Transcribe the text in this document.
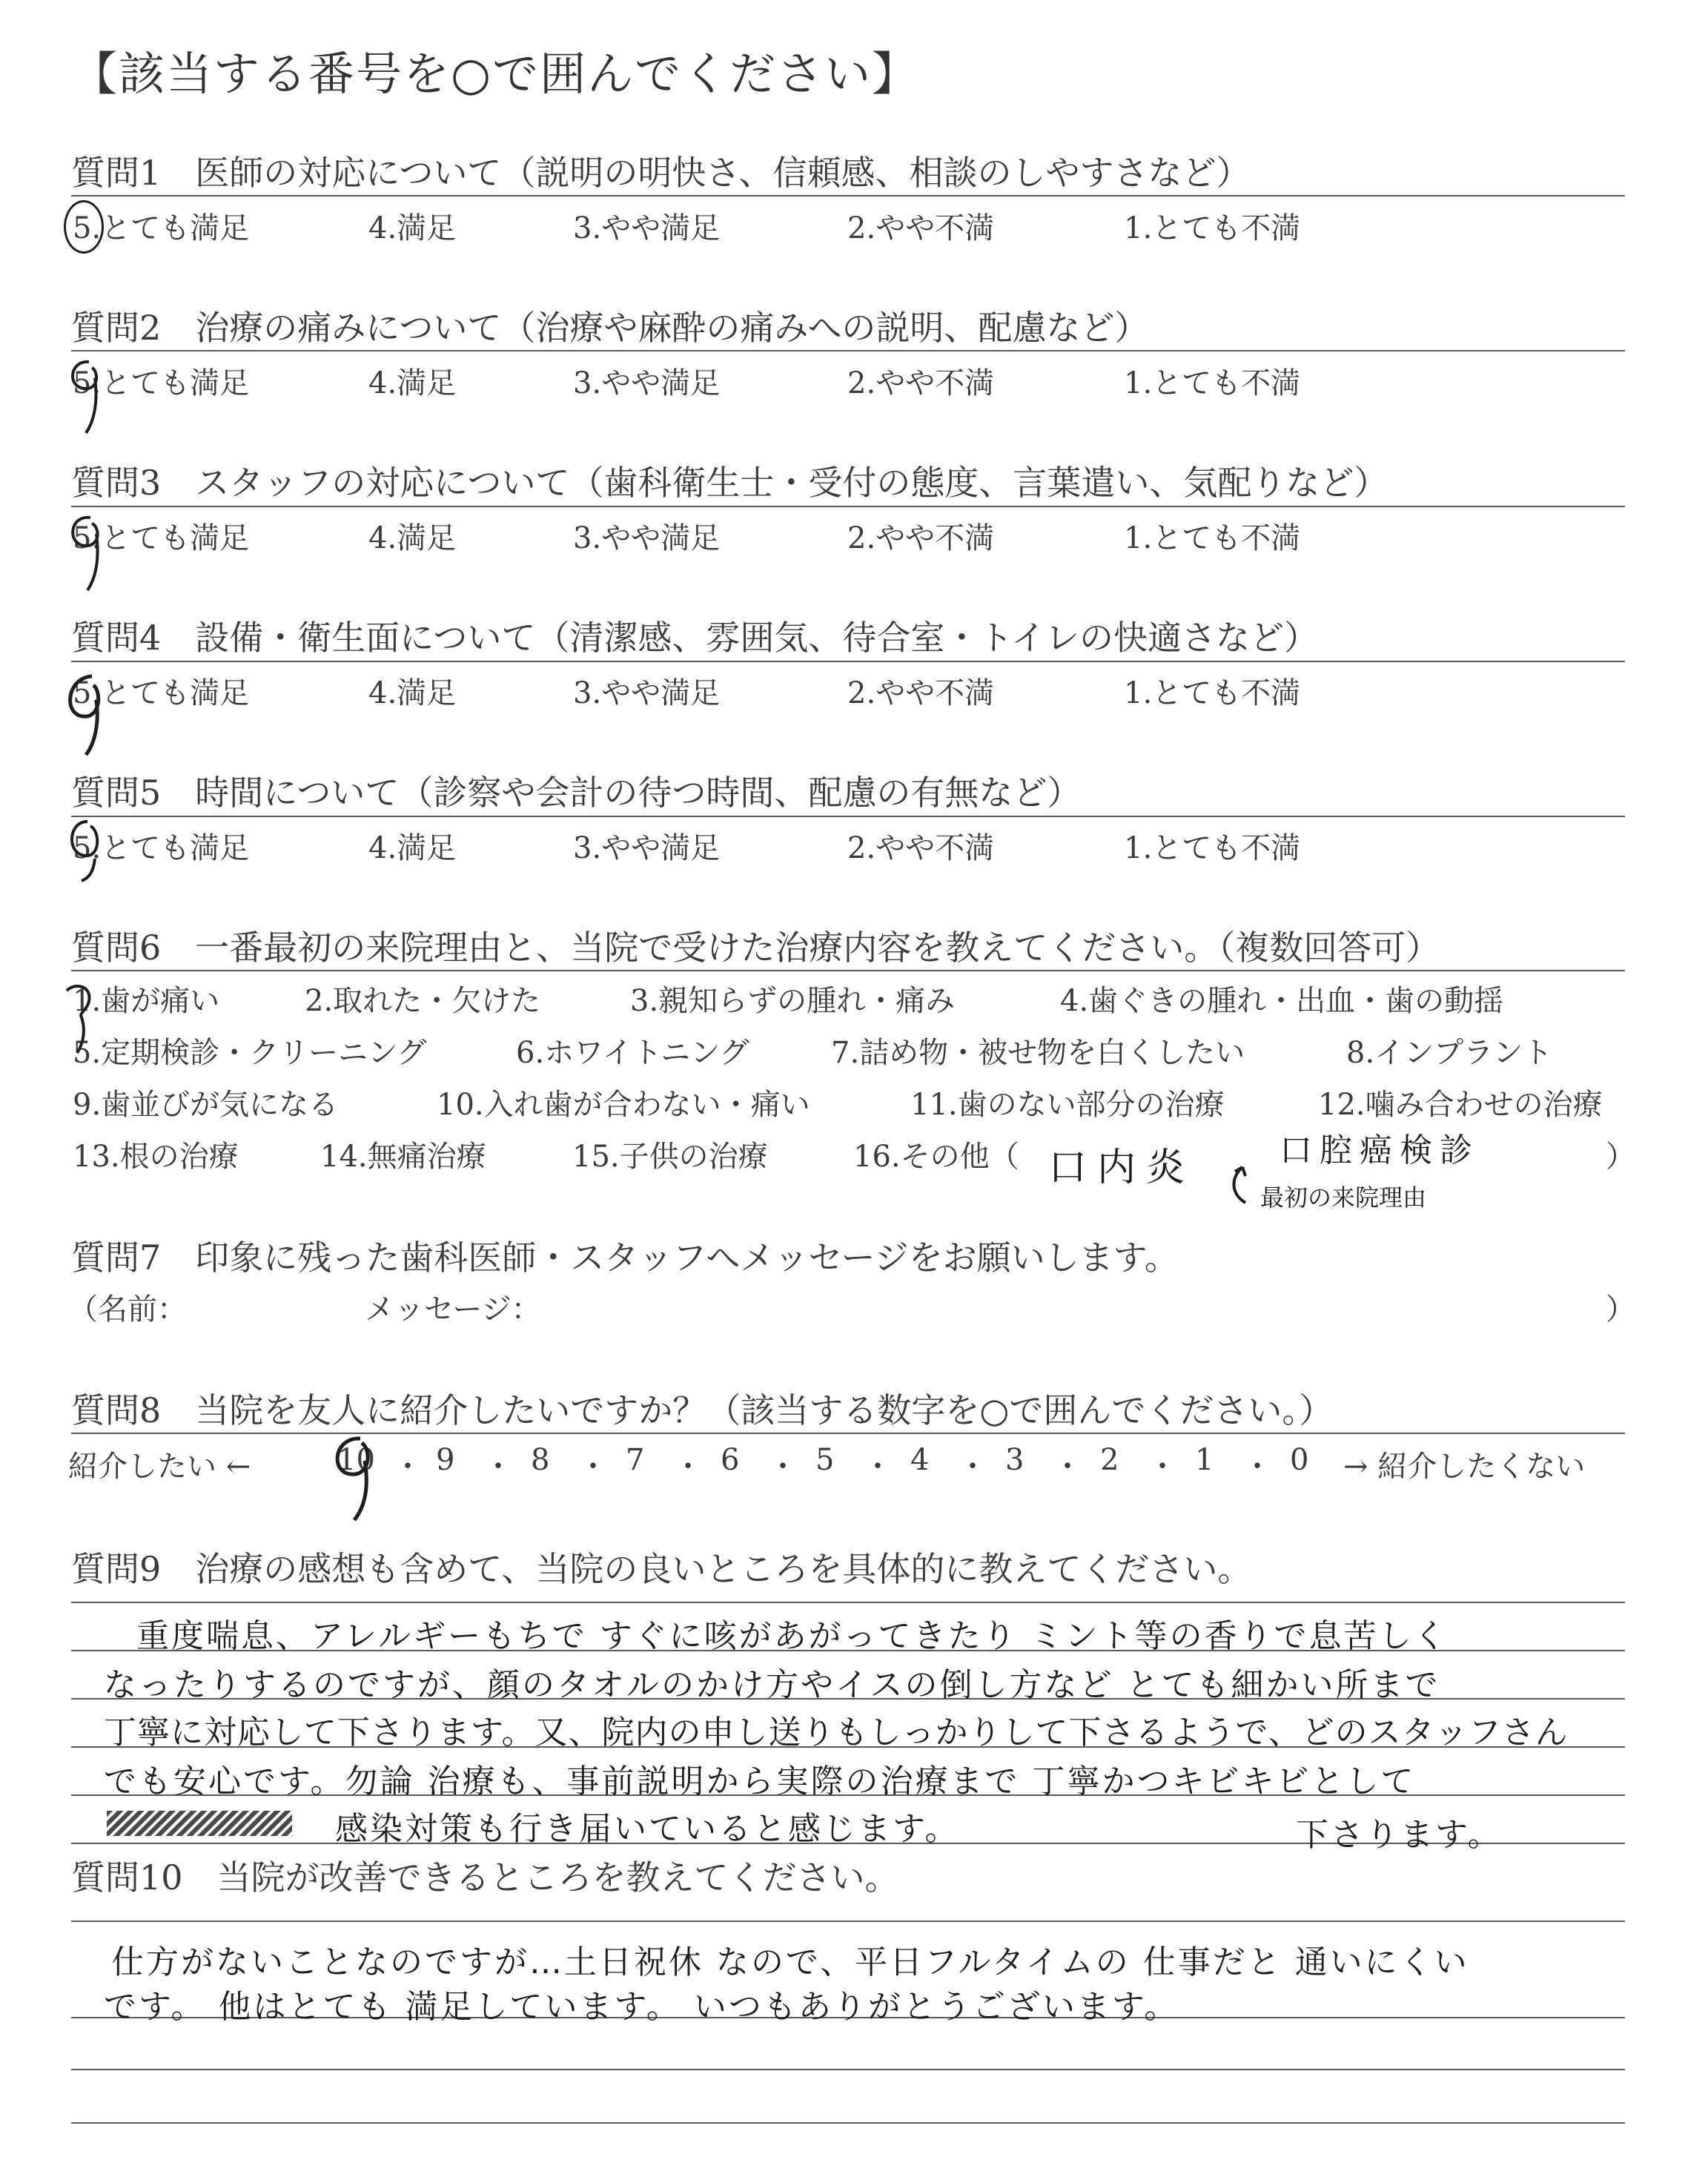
【該当する番号を○で囲んでください】
質問1　医師の対応について（説明の明快さ、信頼感、相談のしやすさなど）
質問2　治療の痛みについて（治療や麻酔の痛みへの説明、配慮など）
質問3　スタッフの対応について（歯科衛生士・受付の態度、言葉遣い、気配りなど）
質問4　設備・衛生面について（清潔感、雰囲気、待合室・トイレの快適さなど）
質問5　時間について（診察や会計の待つ時間、配慮の有無など）
5.とても満足	4.満足	3.やや満足	2.やや不満	1.とても不満
5.とても満足	4.満足	3.やや満足	2.やや不満	1.とても不満
5.とても満足	4.満足	3.やや満足	2.やや不満	1.とても不満
5.とても満足	4.満足	3.やや満足	2.やや不満	1.とても不満
5.とても満足	4.満足	3.やや満足	2.やや不満	1.とても不満
質問6　一番最初の来院理由と、当院で受けた治療内容を教えてください。（複数回答可）
1.歯が痛い	2.取れた・欠けた	3.親知らずの腫れ・痛み	4.歯ぐきの腫れ・出血・歯の動揺
5.定期検診・クリーニング	6.ホワイトニング	7.詰め物・被せ物を白くしたい	8.インプラント
9.歯並びが気になる	10.入れ歯が合わない・痛い	11.歯のない部分の治療	12.噛み合わせの治療
13.根の治療	14.無痛治療	15.子供の治療	16.その他（	）
口内炎	口腔癌検診
最初の来院理由
質問7　印象に残った歯科医師・スタッフへメッセージをお願いします。
（名前：	メッセージ：	）
質問8　当院を友人に紹介したいですか？（該当する数字を○で囲んでください。）
紹介したい ←	→ 紹介したくない
10 ・ 9 ・ 8 ・ 7 ・ 6 ・ 5 ・ 4 ・ 3 ・ 2 ・ 1 ・ 0
質問9　治療の感想も含めて、当院の良いところを具体的に教えてください。
重度喘息、アレルギーもちで すぐに咳があがってきたり ミント等の香りで息苦しく
なったりするのですが、顔のタオルのかけ方やイスの倒し方など とても細かい所まで
丁寧に対応して下さります。又、院内の申し送りもしっかりして下さるようで、どのスタッフさん
でも安心です。勿論 治療も、事前説明から実際の治療まで 丁寧かつキビキビとして
感染対策も行き届いていると感じます。	下さります。
質問10　当院が改善できるところを教えてください。
仕方がないことなのですが…土日祝休 なので、平日フルタイムの 仕事だと 通いにくい
です。 他はとても 満足しています。 いつもありがとうございます。
